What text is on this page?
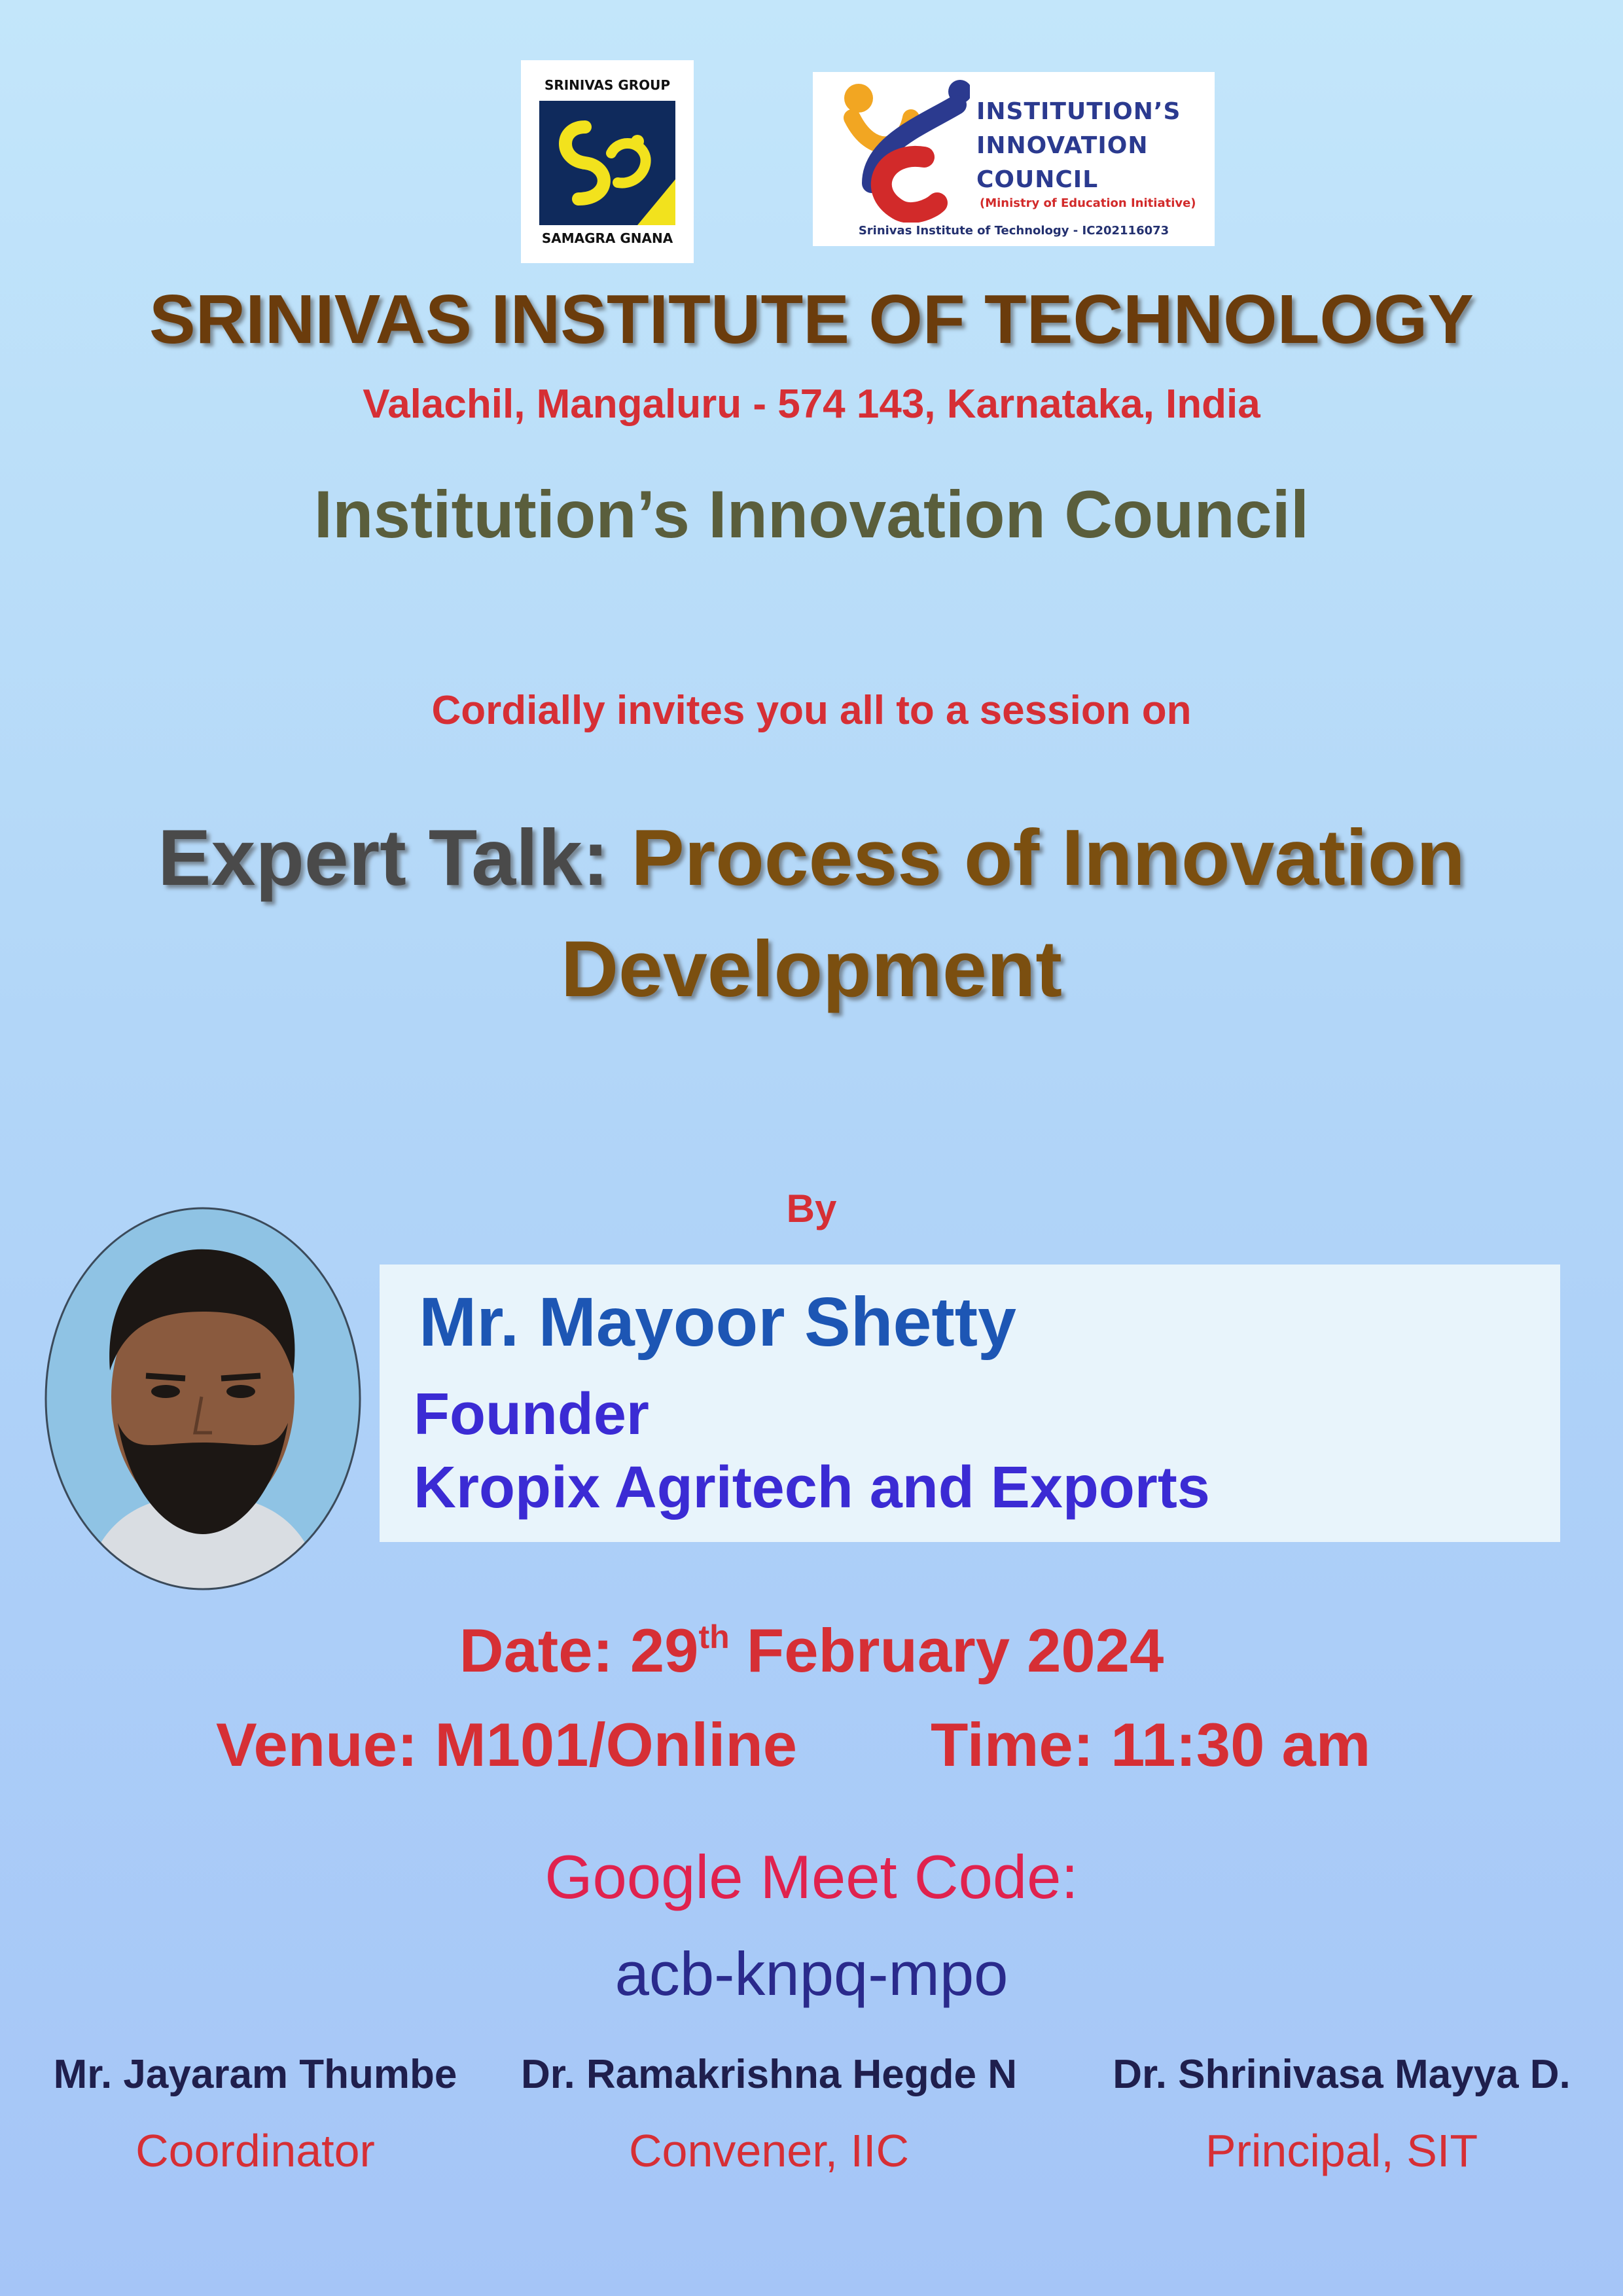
SRINIVAS GROUP
SAMAGRA GNANA
INSTITUTION’S
INNOVATION
COUNCIL
(Ministry of Education Initiative)
Srinivas Institute of Technology - IC202116073
SRINIVAS INSTITUTE OF TECHNOLOGY
Valachil, Mangaluru - 574 143, Karnataka, India
Institution’s Innovation Council
Cordially invites you all to a session on
Expert Talk: Process of Innovation
Development
By
Mr. Mayoor Shetty
Founder
Kropix Agritech and Exports
Date: 29th February 2024
Venue: M101/Online Time: 11:30 am
Google Meet Code:
acb-knpq-mpo
Mr. Jayaram Thumbe
Coordinator
Dr. Ramakrishna Hegde N
Convener, IIC
Dr. Shrinivasa Mayya D.
Principal, SIT
